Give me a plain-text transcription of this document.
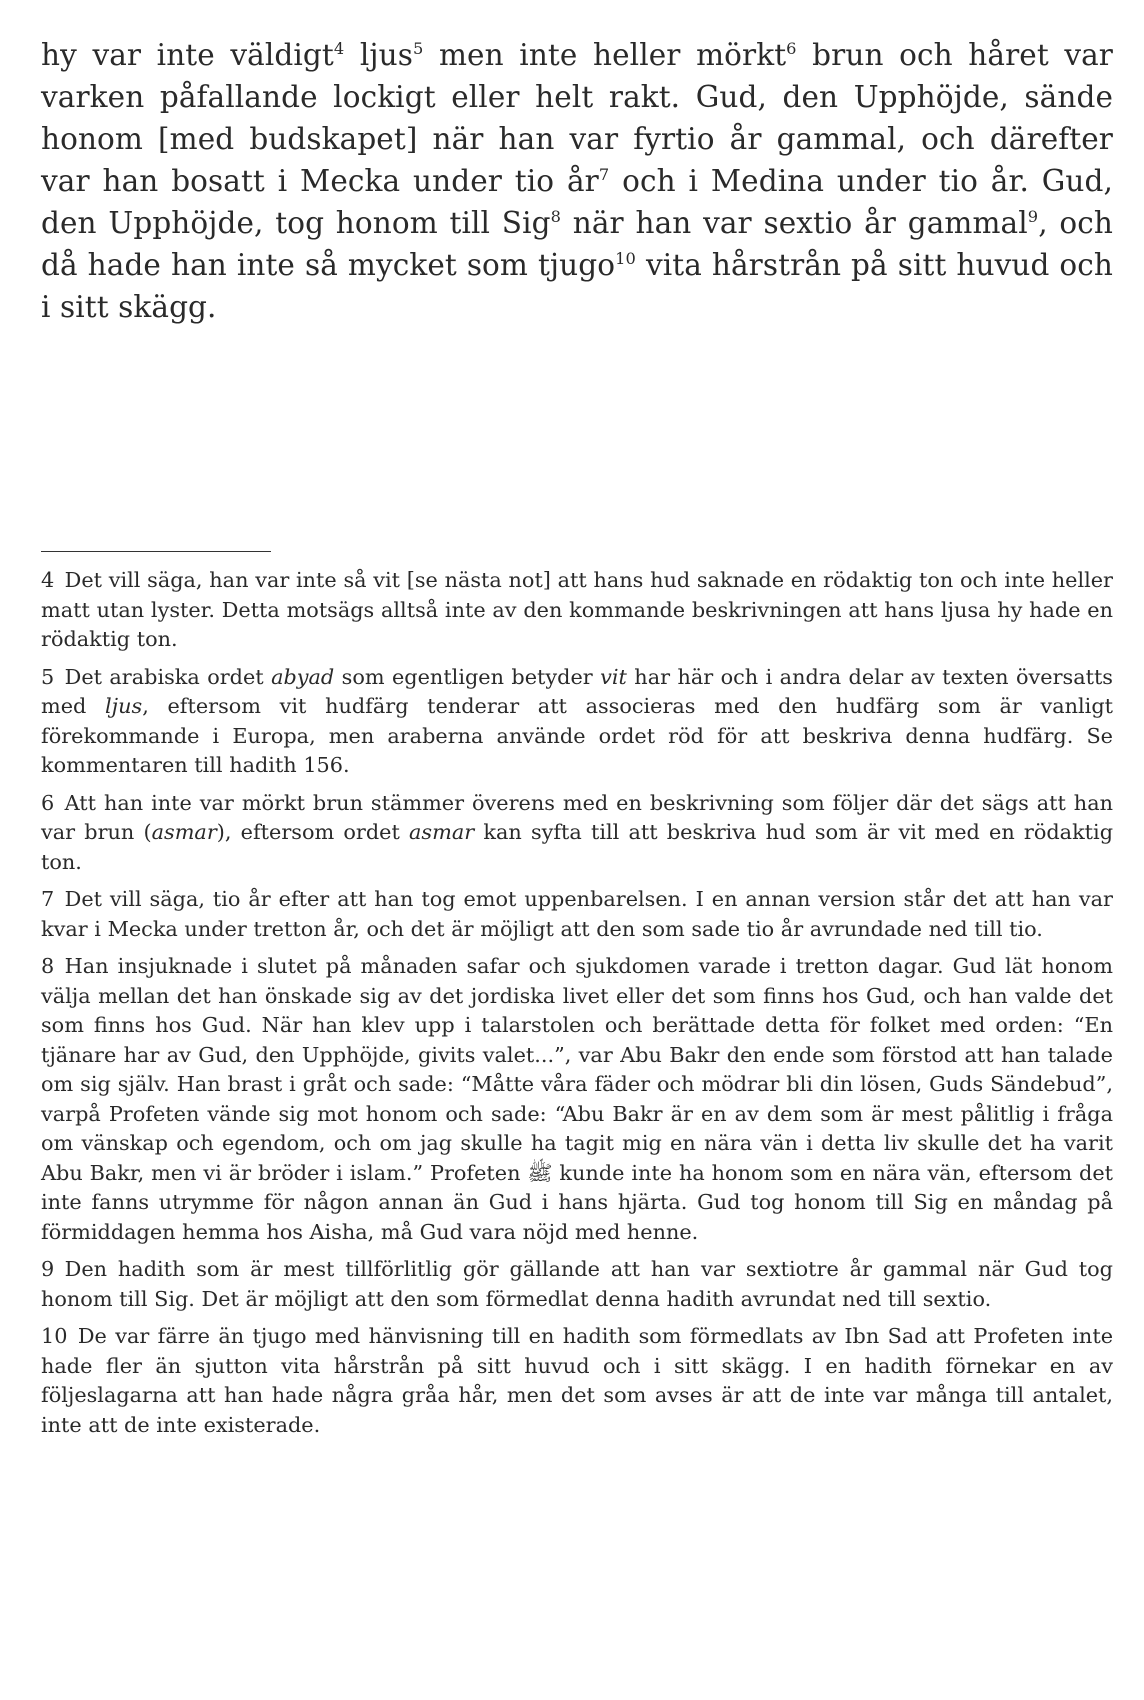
hy var inte väldigt$^4$ ljus$^5$ men inte heller mörkt$^6$ brun och håret var varken påfallande lockigt eller helt rakt. Gud, den Upphöjde, sände honom [med budskapet] när han var fyrtio år gammal, och därefter var han bosatt i Mecka under tio $år^7$ och i Medina under tio år. Gud, den Upphöjde, tog honom till Sig$^8$ när han var sextio år gammal$^9$, och då hade han inte så mycket som tjugo$^{10}$ vita hårstrån på sitt huvud och i sitt skägg.

4  Det vill säga, han var inte så vit [se nästa not] att hans hud saknade en rödaktig ton och inte heller matt utan lyster. Detta motsägs alltså inte av den kommande beskrivningen att hans ljusa hy hade en rödaktig ton.

5  Det arabiska ordet abyad som egentligen betyder vit har här och i andra delar av texten översatts med ljus, eftersom vit hudfärg tenderar att associeras med den hudfärg som är vanligt förekommande i Europa, men araberna använde ordet röd för att beskriva denna hudfärg. Se kommentaren till hadith 156.

6  Att han inte var mörkt brun stämmer överens med en beskrivning som följer där det sägs att han var brun (asmar), eftersom ordet asmar kan syfta till att beskriva hud som är vit med en rödaktig ton.

7  Det vill säga, tio år efter att han tog emot uppenbarelsen. I en annan version står det att han var kvar i Mecka under tretton år, och det är möjligt att den som sade tio år avrundade ned till tio.

8  Han insjuknade i slutet på månaden safar och sjukdomen varade i tretton dagar. Gud lät honom välja mellan det han önskade sig av det jordiska livet eller det som finns hos Gud, och han valde det som finns hos Gud. När han klev upp i talarstolen och berättade detta för folket med orden: “En tjänare har av Gud, den Upphöjde, givits valet...”, var Abu Bakr den ende som förstod att han talade om sig själv. Han brast i gråt och sade: “Måtte våra fäder och mödrar bli din lösen, Guds Sändebud”, varpå Profeten vände sig mot honom och sade: “Abu Bakr är en av dem som är mest pålitlig i fråga om vänskap och egendom, och om jag skulle ha tagit mig en nära vän i detta liv skulle det ha varit Abu Bakr, men vi är bröder i islam.” Profeten ﷺ kunde inte ha honom som en nära vän, eftersom det inte fanns utrymme för någon annan än Gud i hans hjärta. Gud tog honom till Sig en måndag på förmiddagen hemma hos Aisha, må Gud vara nöjd med henne.

9  Den hadith som är mest tillförlitlig gör gällande att han var sextiotre år gammal när Gud tog honom till Sig. Det är möjligt att den som förmedlat denna hadith avrundat ned till sextio.

10  De var färre än tjugo med hänvisning till en hadith som förmedlats av Ibn Sad att Profeten inte hade fler än sjutton vita hårstrån på sitt huvud och i sitt skägg. I en hadith förnekar en av följeslagarna att han hade några gråa hår, men det som avses är att de inte var många till antalet, inte att de inte existerade.
